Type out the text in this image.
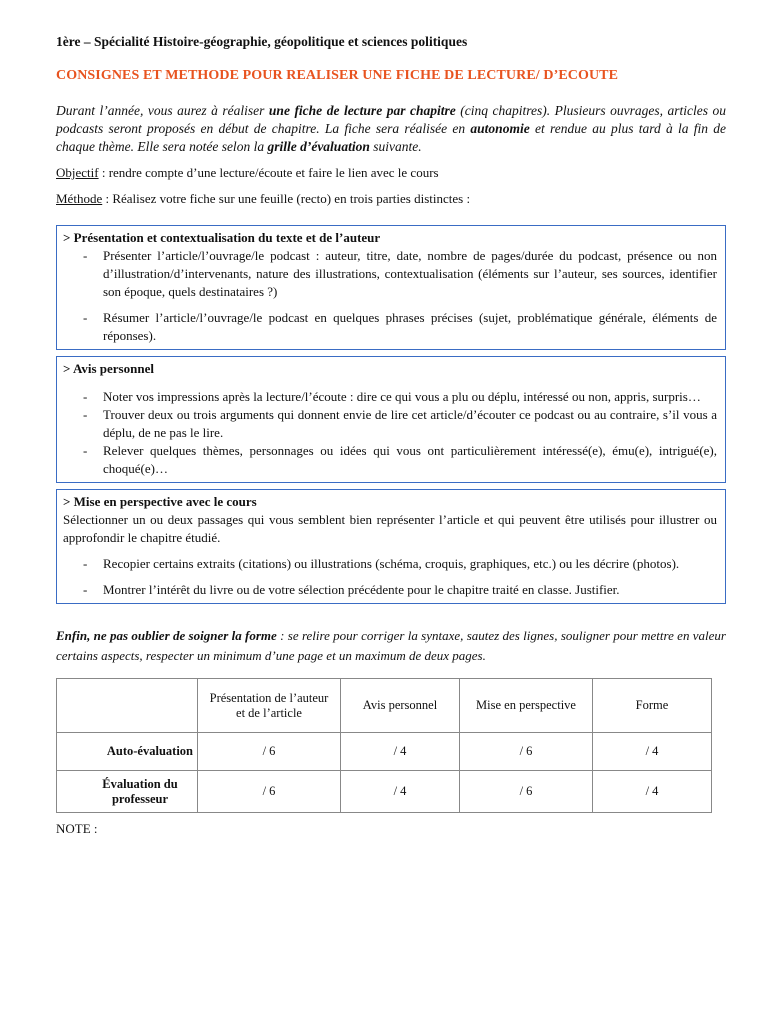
1ère – Spécialité Histoire-géographie, géopolitique et sciences politiques
CONSIGNES ET METHODE POUR REALISER UNE FICHE DE LECTURE/ D’ECOUTE
Durant l’année, vous aurez à réaliser une fiche de lecture par chapitre (cinq chapitres). Plusieurs ouvrages, articles ou podcasts seront proposés en début de chapitre. La fiche sera réalisée en autonomie et rendue au plus tard à la fin de chaque thème. Elle sera notée selon la grille d’évaluation suivante.
Objectif : rendre compte d’une lecture/écoute et faire le lien avec le cours
Méthode : Réalisez votre fiche sur une feuille (recto) en trois parties distinctes :
> Présentation et contextualisation du texte et de l’auteur
- Présenter l’article/l’ouvrage/le podcast : auteur, titre, date, nombre de pages/durée du podcast, présence ou non d’illustration/d’intervenants, nature des illustrations, contextualisation (éléments sur l’auteur, ses sources, identifier son époque, quels destinataires ?)
- Résumer l’article/l’ouvrage/le podcast en quelques phrases précises (sujet, problématique générale, éléments de réponses).
> Avis personnel
- Noter vos impressions après la lecture/l’écoute : dire ce qui vous a plu ou déplu, intéressé ou non, appris, surpris…
- Trouver deux ou trois arguments qui donnent envie de lire cet article/d’écouter ce podcast ou au contraire, s’il vous a déplu, de ne pas le lire.
- Relever quelques thèmes, personnages ou idées qui vous ont particulièrement intéressé(e), ému(e), intrigué(e), choqué(e)…
> Mise en perspective avec le cours
Sélectionner un ou deux passages qui vous semblent bien représenter l’article et qui peuvent être utilisés pour illustrer ou approfondir le chapitre étudié.
- Recopier certains extraits (citations) ou illustrations (schéma, croquis, graphiques, etc.) ou les décrire (photos).
- Montrer l’intérêt du livre ou de votre sélection précédente pour le chapitre traité en classe. Justifier.
Enfin, ne pas oublier de soigner la forme : se relire pour corriger la syntaxe, sautez des lignes, souligner pour mettre en valeur certains aspects, respecter un minimum d’une page et un maximum de deux pages.
	Présentation de l’auteur et de l’article	Avis personnel	Mise en perspective	Forme
Auto-évaluation	/ 6	/ 4	/ 6	/ 4
Évaluation du professeur	/ 6	/ 4	/ 6	/ 4
NOTE :
